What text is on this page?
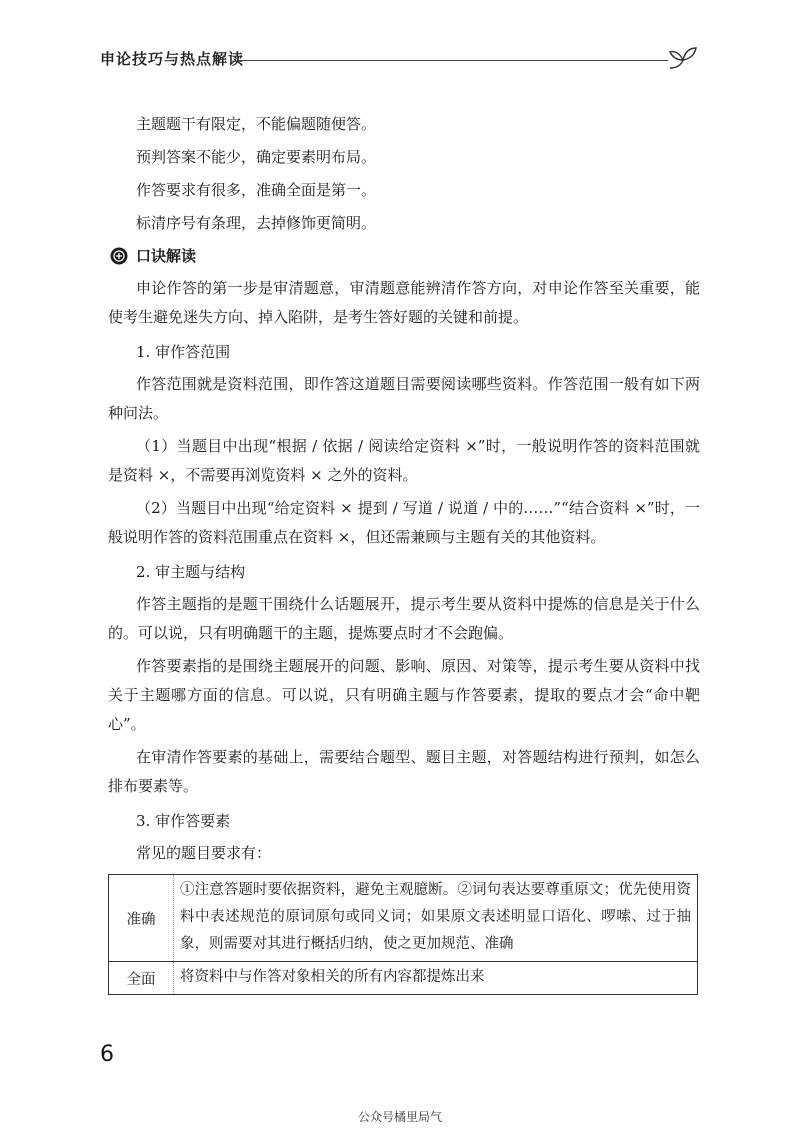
申论技巧与热点解读

主题题干有限定，不能偏题随便答。

预判答案不能少，确定要素明布局。

作答要求有很多，准确全面是第一。

标清序号有条理，去掉修饰更简明。

口诀解读

申论作答的第一步是审清题意，审清题意能辨清作答方向，对申论作答至关重要，能使考生避免迷失方向、掉入陷阱，是考生答好题的关键和前提。

1. 审作答范围

作答范围就是资料范围，即作答这道题目需要阅读哪些资料。作答范围一般有如下两种问法。

（1）当题目中出现“根据 / 依据 / 阅读给定资料 ×”时，一般说明作答的资料范围就是资料 ×，不需要再浏览资料 × 之外的资料。

（2）当题目中出现“给定资料 × 提到 / 写道 / 说道 / 中的……”“结合资料 ×”时，一般说明作答的资料范围重点在资料 ×，但还需兼顾与主题有关的其他资料。

2. 审主题与结构

作答主题指的是题干围绕什么话题展开，提示考生要从资料中提炼的信息是关于什么的。可以说，只有明确题干的主题，提炼要点时才不会跑偏。

作答要素指的是围绕主题展开的问题、影响、原因、对策等，提示考生要从资料中找关于主题哪方面的信息。可以说，只有明确主题与作答要素，提取的要点才会“命中靶心”。

在审清作答要素的基础上，需要结合题型、题目主题，对答题结构进行预判，如怎么排布要素等。

3. 审作答要素

常见的题目要求有：

准确	①注意答题时要依据资料，避免主观臆断。②词句表达要尊重原文；优先使用资料中表述规范的原词原句或同义词；如果原文表述明显口语化、啰嗦、过于抽象，则需要对其进行概括归纳，使之更加规范、准确
全面	将资料中与作答对象相关的所有内容都提炼出来
6
公众号橘里局气
